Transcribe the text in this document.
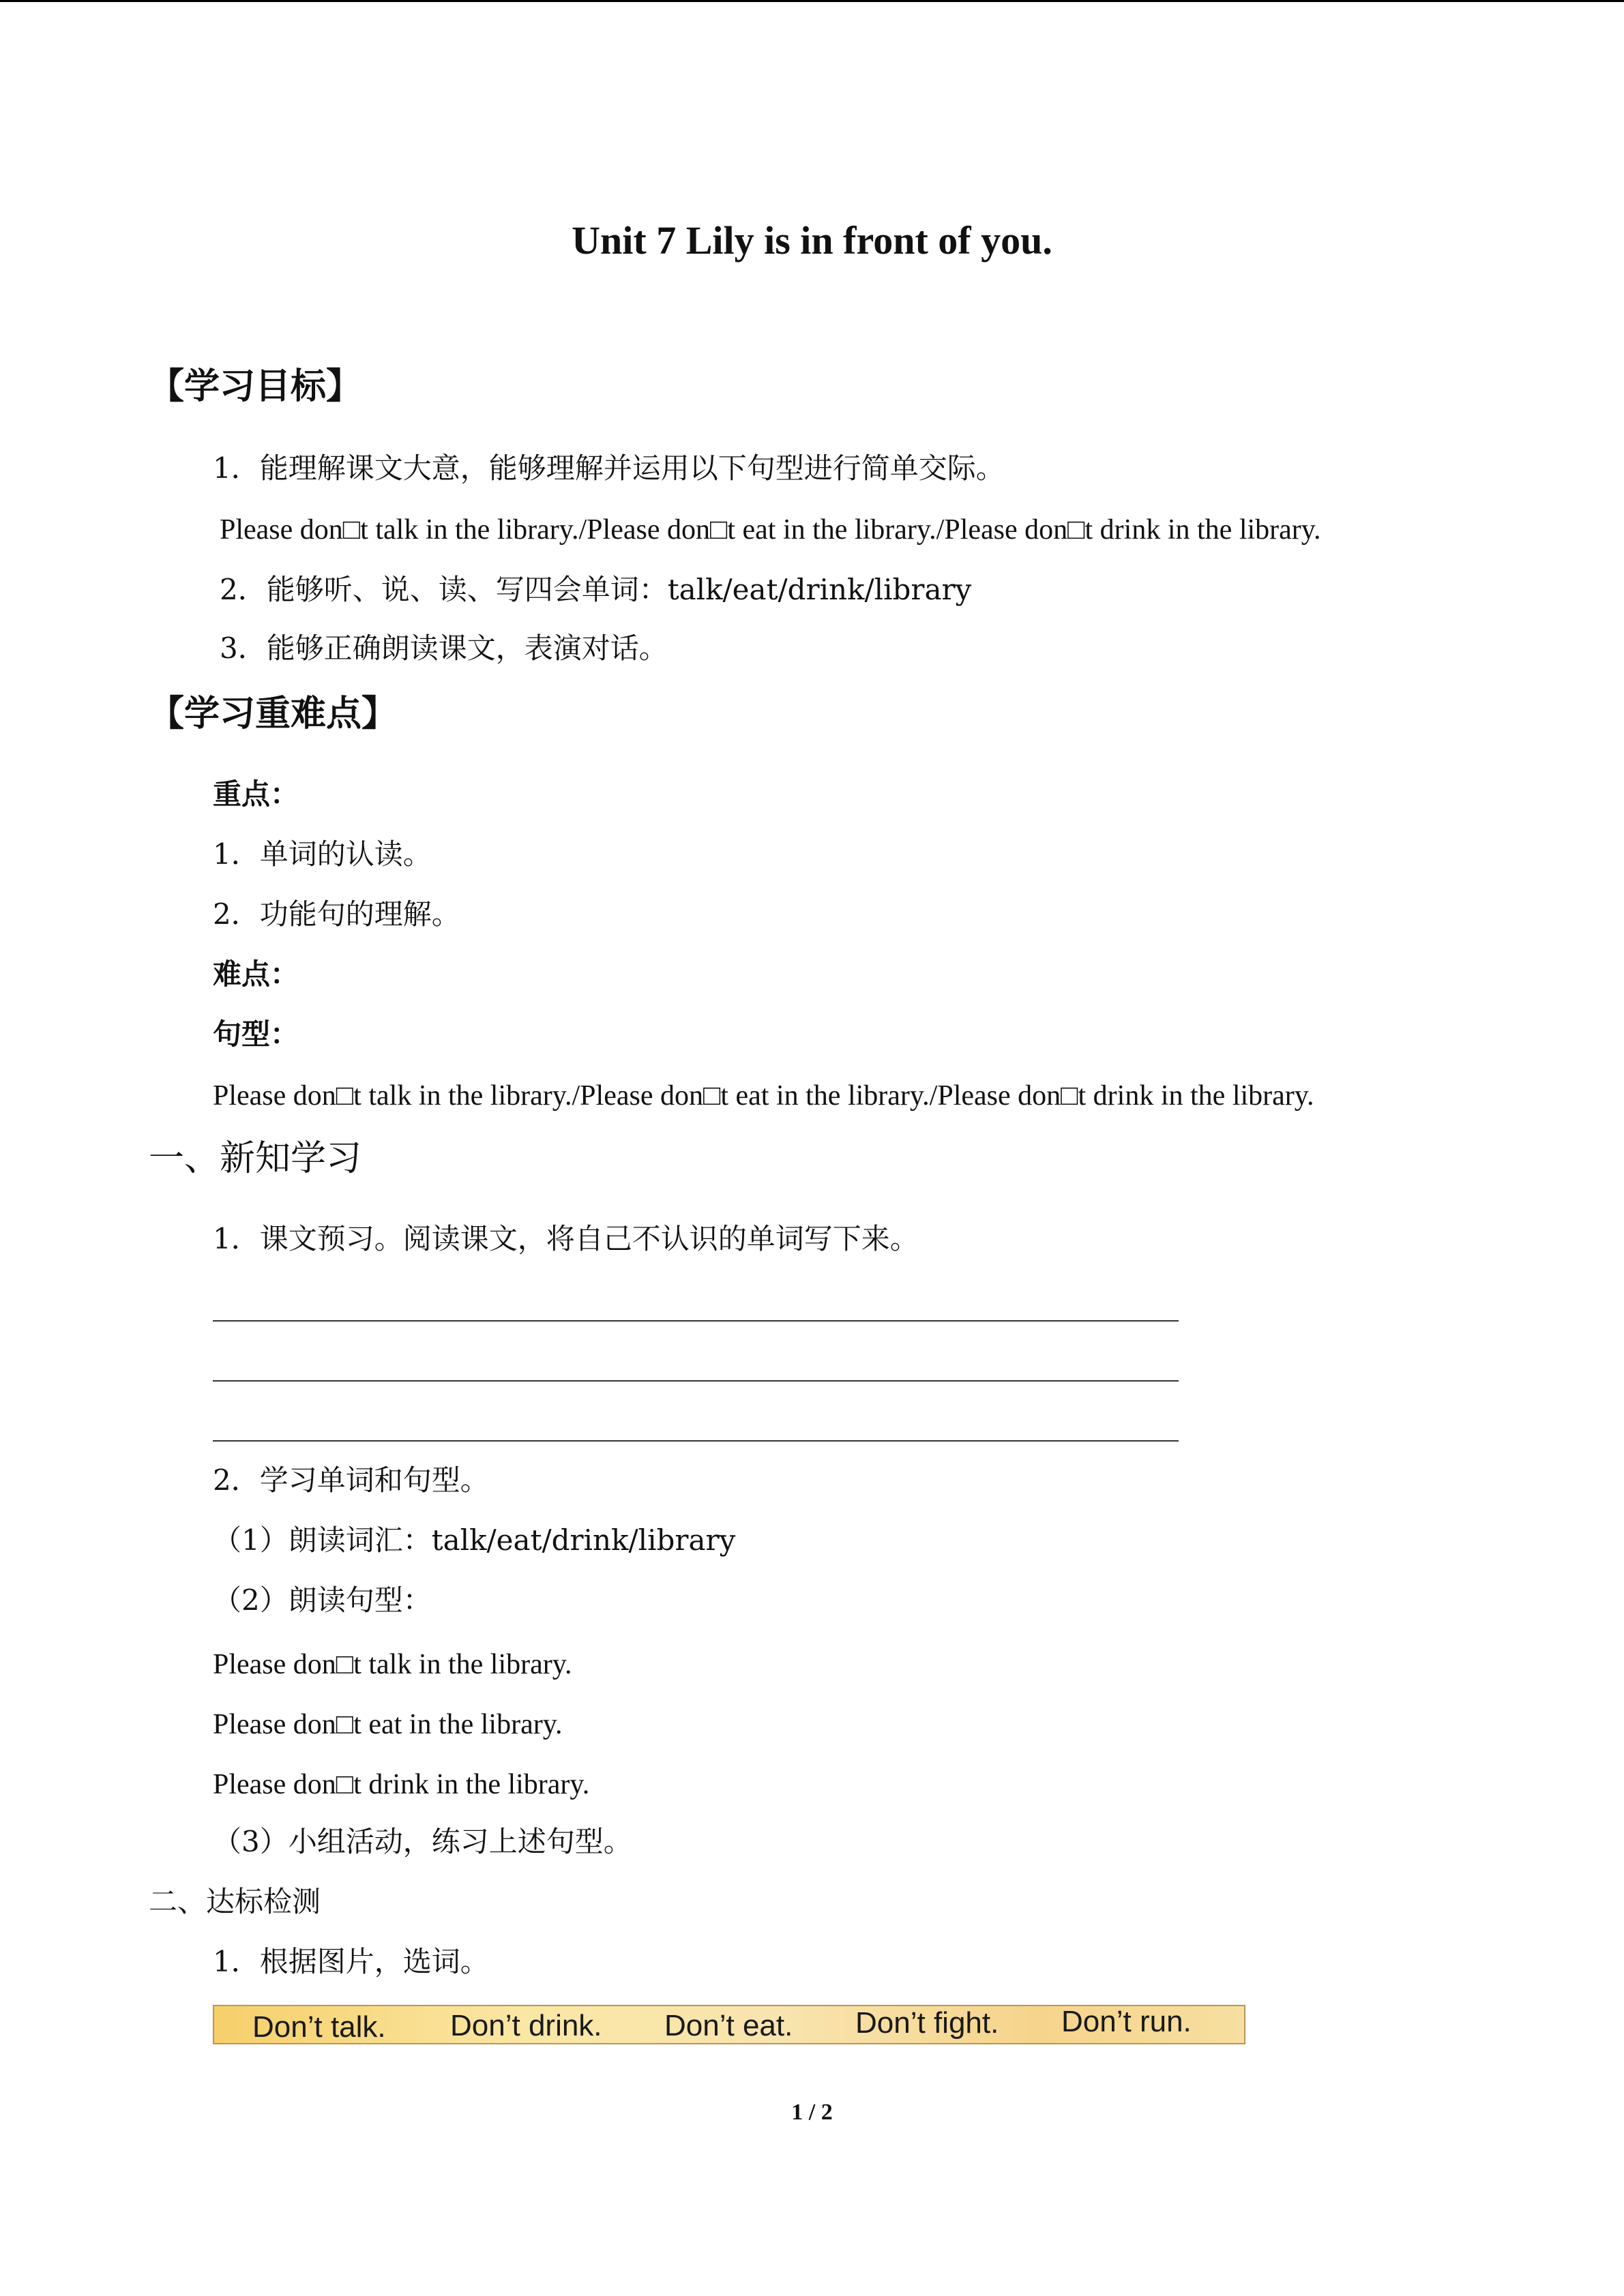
Unit 7 Lily is in front of you.
【学习目标】
1．能理解课文大意，能够理解并运用以下句型进行简单交际。
Please don□t talk in the library./Please don□t eat in the library./Please don□t drink in the library.
2．能够听、说、读、写四会单词：talk/eat/drink/library
3．能够正确朗读课文，表演对话。
【学习重难点】
重点：
1．单词的认读。
2．功能句的理解。
难点：
句型：
Please don□t talk in the library./Please don□t eat in the library./Please don□t drink in the library.
一、新知学习
1．课文预习。阅读课文，将自己不认识的单词写下来。
2．学习单词和句型。
（1）朗读词汇：talk/eat/drink/library
（2）朗读句型：
Please don□t talk in the library.
Please don□t eat in the library.
Please don□t drink in the library.
（3）小组活动，练习上述句型。
二、达标检测
1．根据图片，选词。
Don’t talk. Don’t drink. Don’t eat. Don’t fight. Don’t run.
1 / 2
